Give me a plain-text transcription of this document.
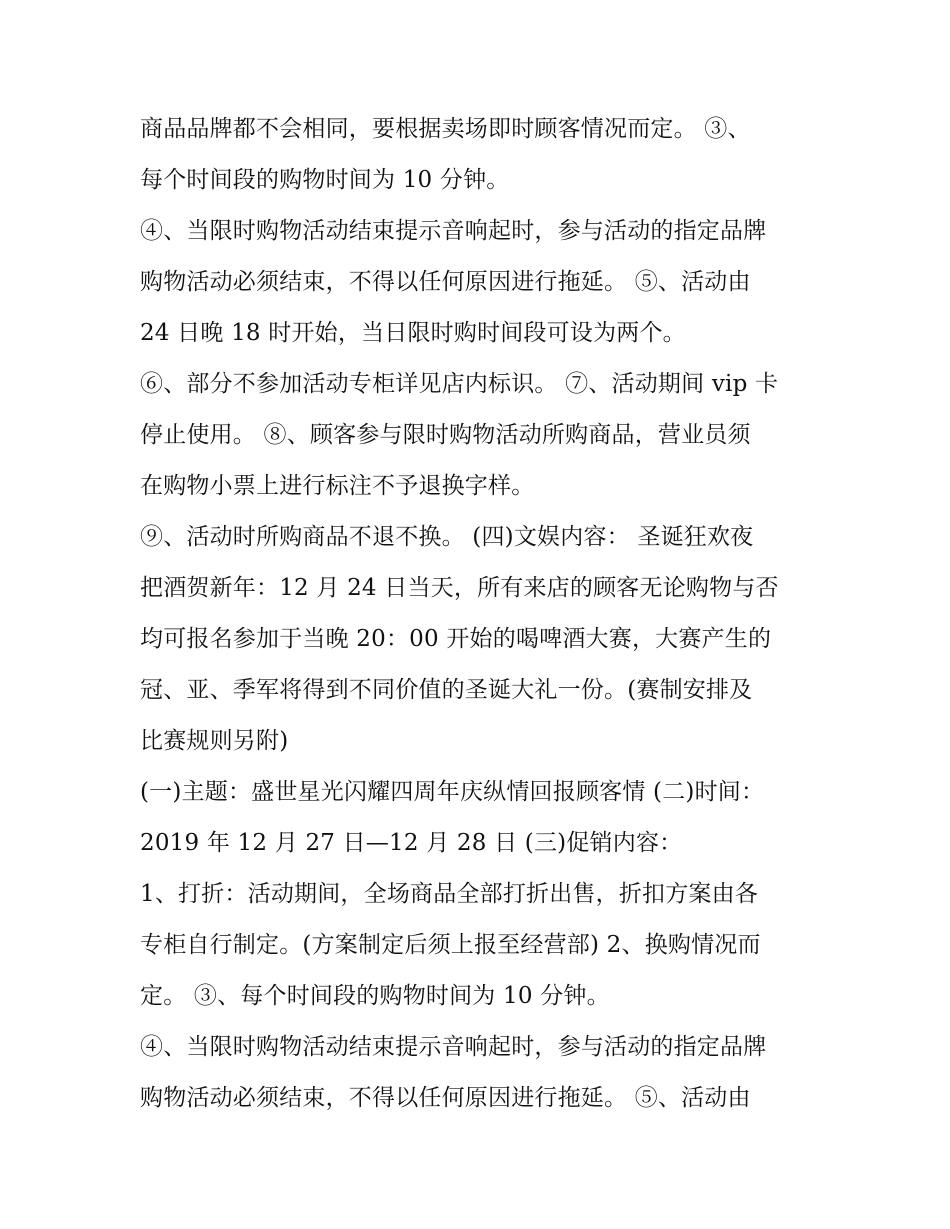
商品品牌都不会相同，要根据卖场即时顾客情况而定。 ③、
每个时间段的购物时间为 10 分钟。
④、当限时购物活动结束提示音响起时，参与活动的指定品牌
购物活动必须结束，不得以任何原因进行拖延。 ⑤、活动由
24 日晚 18 时开始，当日限时购时间段可设为两个。
⑥、部分不参加活动专柜详见店内标识。 ⑦、活动期间 vip 卡
停止使用。 ⑧、顾客参与限时购物活动所购商品，营业员须
在购物小票上进行标注不予退换字样。
⑨、活动时所购商品不退不换。 (四)文娱内容： 圣诞狂欢夜
把酒贺新年：12 月 24 日当天，所有来店的顾客无论购物与否
均可报名参加于当晚 20：00 开始的喝啤酒大赛，大赛产生的
冠、亚、季军将得到不同价值的圣诞大礼一份。(赛制安排及
比赛规则另附)
(一)主题：盛世星光闪耀四周年庆纵情回报顾客情 (二)时间：
2019 年 12 月 27 日—12 月 28 日 (三)促销内容：
1、打折：活动期间，全场商品全部打折出售，折扣方案由各
专柜自行制定。(方案制定后须上报至经营部) 2、换购情况而
定。 ③、每个时间段的购物时间为 10 分钟。
④、当限时购物活动结束提示音响起时，参与活动的指定品牌
购物活动必须结束，不得以任何原因进行拖延。 ⑤、活动由
